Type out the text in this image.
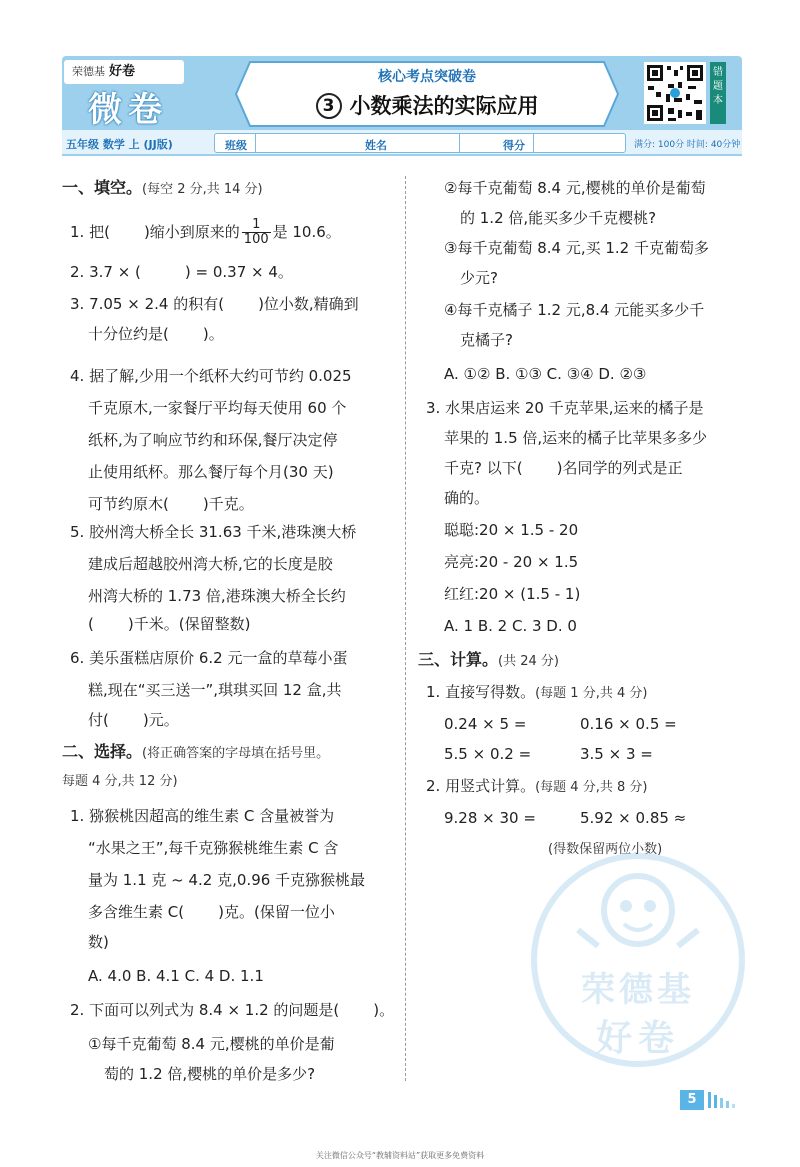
荣德基 好卷
微卷
核心考点突破卷
3 小数乘法的实际应用
错题本
五年级 数学 上 (JJ版)	班级	姓名	得分	满分: 100分 时间: 40分钟
一、填空。(每空 2 分,共 14 分)
1. 把( )缩小到原来的 $\frac{1}{100}$ 是 10.6。
2. 3.7 × (	) = 0.37 × 4。
3. 7.05 × 2.4 的积有( )位小数,精确到
十分位约是( )。
4. 据了解,少用一个纸杯大约可节约 0.025
千克原木,一家餐厅平均每天使用 60 个
纸杯,为了响应节约和环保,餐厅决定停
止使用纸杯。那么餐厅每个月(30 天)
可节约原木( )千克。
5. 胶州湾大桥全长 31.63 千米,港珠澳大桥
建成后超越胶州湾大桥,它的长度是胶
州湾大桥的 1.73 倍,港珠澳大桥全长约
( )千米。(保留整数)
6. 美乐蛋糕店原价 6.2 元一盒的草莓小蛋
糕,现在“买三送一”,琪琪买回 12 盒,共
付( )元。
二、选择。(将正确答案的字母填在括号里。
每题 4 分,共 12 分)
1. 猕猴桃因超高的维生素 C 含量被誉为
“水果之王”,每千克猕猴桃维生素 C 含
量为 1.1 克 ~ 4.2 克,0.96 千克猕猴桃最
多含维生素 C( )克。(保留一位小
数)
A. 4.0 B. 4.1 C. 4 D. 1.1
2. 下面可以列式为 8.4 × 1.2 的问题是( )。
①每千克葡萄 8.4 元,樱桃的单价是葡
萄的 1.2 倍,樱桃的单价是多少?
②每千克葡萄 8.4 元,樱桃的单价是葡萄
的 1.2 倍,能买多少千克樱桃?
③每千克葡萄 8.4 元,买 1.2 千克葡萄多
少元?
④每千克橘子 1.2 元,8.4 元能买多少千
克橘子?
A. ①② B. ①③ C. ③④ D. ②③
3. 水果店运来 20 千克苹果,运来的橘子是
苹果的 1.5 倍,运来的橘子比苹果多多少
千克? 以下( )名同学的列式是正
确的。
聪聪:20 × 1.5 - 20
亮亮:20 - 20 × 1.5
红红:20 × (1.5 - 1)
A. 1 B. 2 C. 3 D. 0
三、计算。(共 24 分)
1. 直接写得数。(每题 1 分,共 4 分)
0.24 × 5 =	0.16 × 0.5 =
5.5 × 0.2 =	3.5 × 3 =
2. 用竖式计算。(每题 4 分,共 8 分)
9.28 × 30 =	5.92 × 0.85 ≈
(得数保留两位小数)
荣德基
好卷
5
关注微信公众号“教辅资料站”获取更多免费资料
